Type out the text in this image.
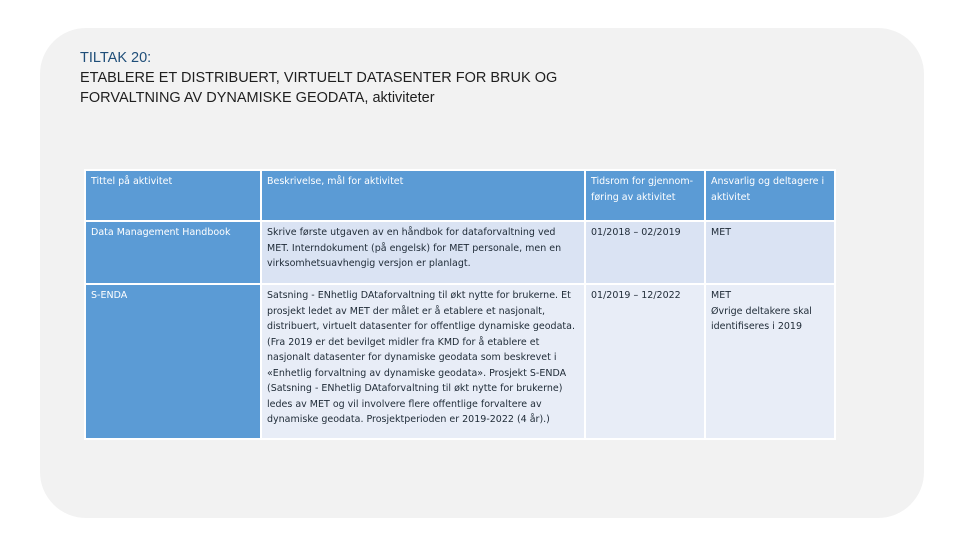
TILTAK 20:
ETABLERE ET DISTRIBUERT, VIRTUELT DATASENTER FOR BRUK OG
FORVALTNING AV DYNAMISKE GEODATA, aktiviteter
Tittel på aktivitet	Beskrivelse, mål for aktivitet	Tidsrom for gjennom-føring av aktivitet	Ansvarlig og deltagere i aktivitet
Data Management Handbook	Skrive første utgaven av en håndbok for dataforvaltning ved MET. Interndokument (på engelsk) for MET personale, men en virksomhetsuavhengig versjon er planlagt.	01/2018 – 02/2019	MET

S-ENDA	Satsning - ENhetlig DAtaforvaltning til økt nytte for brukerne. Et prosjekt ledet av MET der målet er å etablere et nasjonalt, distribuert, virtuelt datasenter for offentlige dynamiske geodata. (Fra 2019 er det bevilget midler fra KMD for å etablere et nasjonalt datasenter for dynamiske geodata som beskrevet i «Enhetlig forvaltning av dynamiske geodata». Prosjekt S-ENDA (Satsning - ENhetlig DAtaforvaltning til økt nytte for brukerne) ledes av MET og vil involvere flere offentlige forvaltere av dynamiske geodata. Prosjektperioden er 2019-2022 (4 år).)	01/2019 – 12/2022	MET
Øvrige deltakere skal identifiseres i 2019
